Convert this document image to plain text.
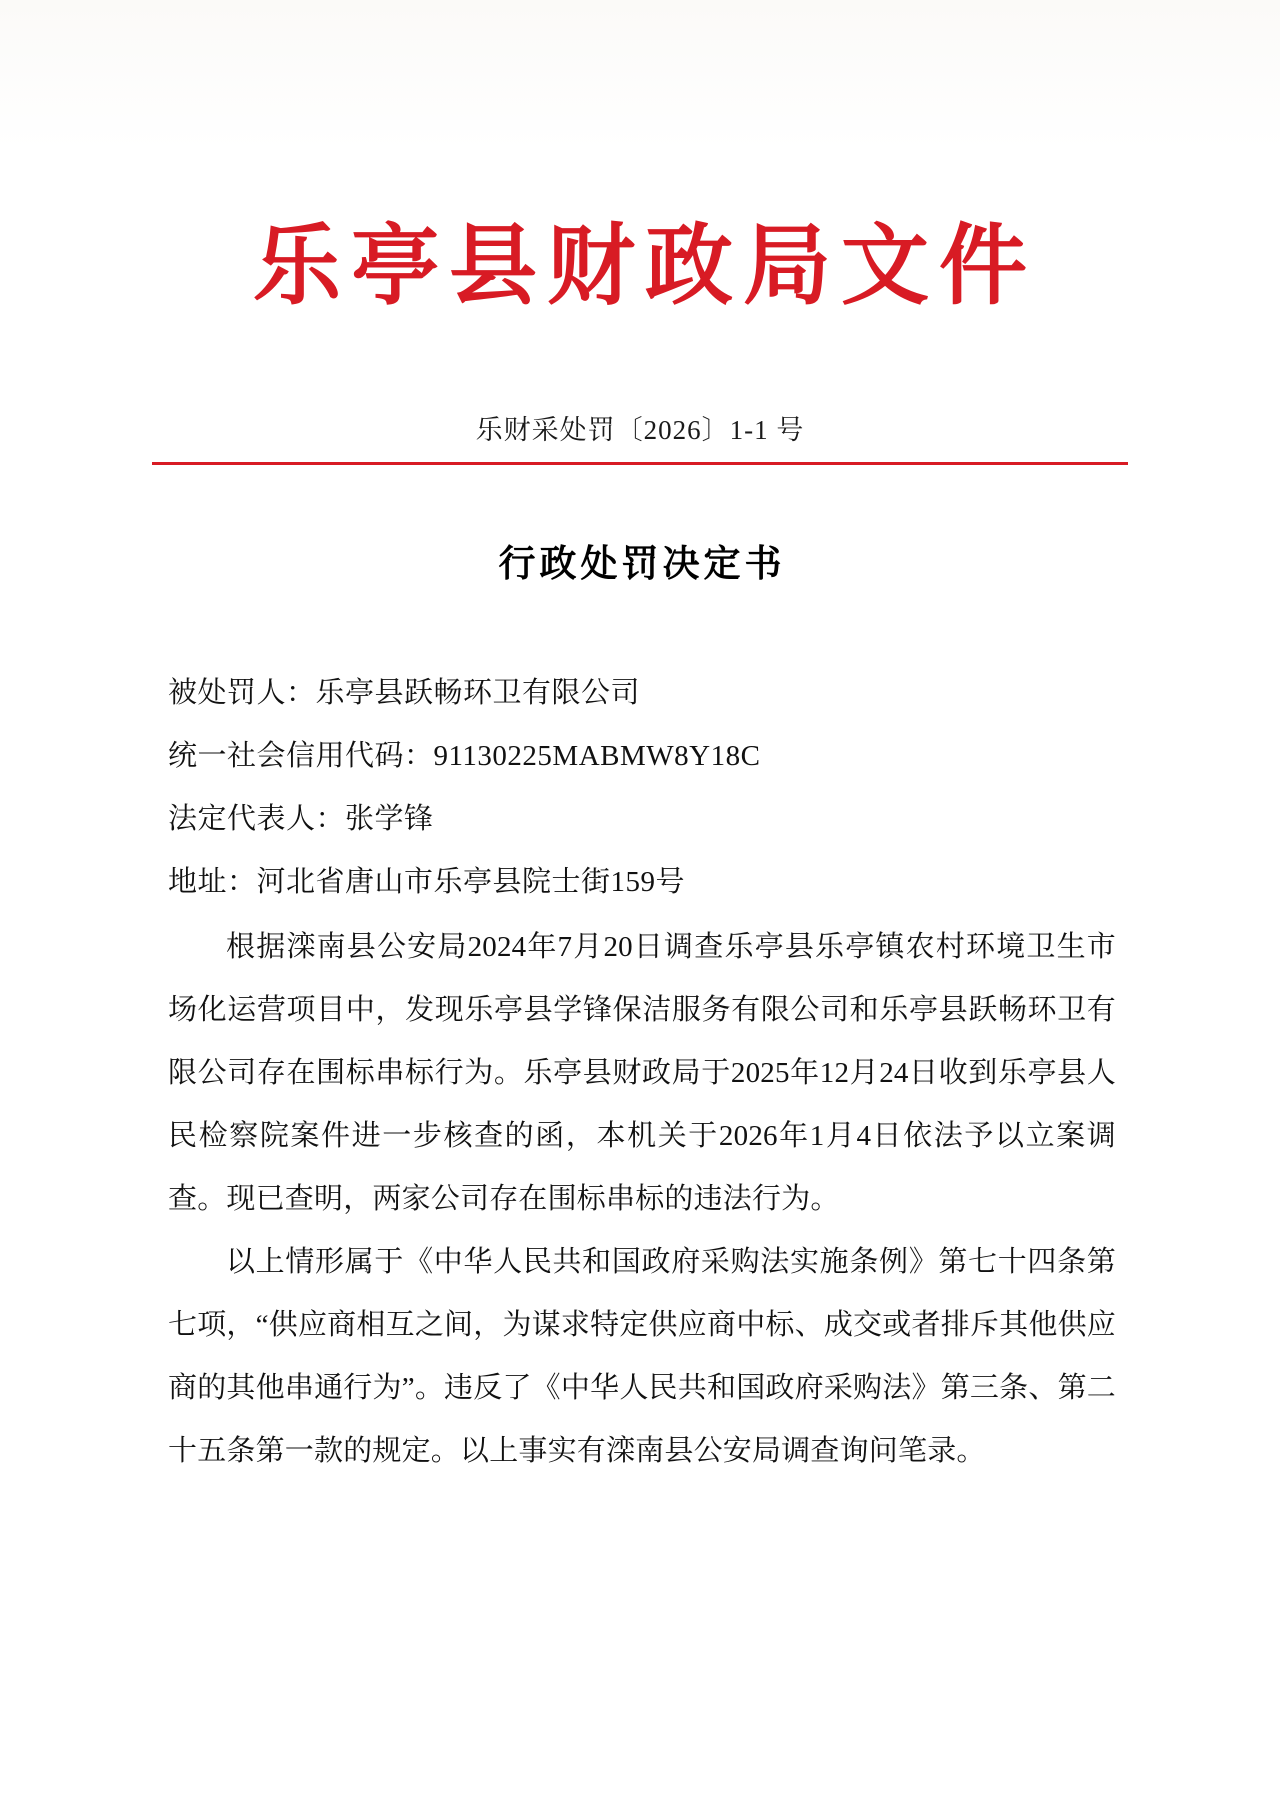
乐亭县财政局文件
乐财采处罚〔2026〕1-1 号
行政处罚决定书
被处罚人：乐亭县跃畅环卫有限公司
统一社会信用代码：91130225MABMW8Y18C
法定代表人：张学锋
地址：河北省唐山市乐亭县院士街159号

根据滦南县公安局2024年7月20日调查乐亭县乐亭镇农村环境卫生市场化运营项目中，发现乐亭县学锋保洁服务有限公司和乐亭县跃畅环卫有限公司存在围标串标行为。乐亭县财政局于2025年12月24日收到乐亭县人民检察院案件进一步核查的函，本机关于2026年1月4日依法予以立案调查。现已查明，两家公司存在围标串标的违法行为。

以上情形属于《中华人民共和国政府采购法实施条例》第七十四条第七项，“供应商相互之间，为谋求特定供应商中标、成交或者排斥其他供应商的其他串通行为”。违反了《中华人民共和国政府采购法》第三条、第二十五条第一款的规定。以上事实有滦南县公安局调查询问笔录。
